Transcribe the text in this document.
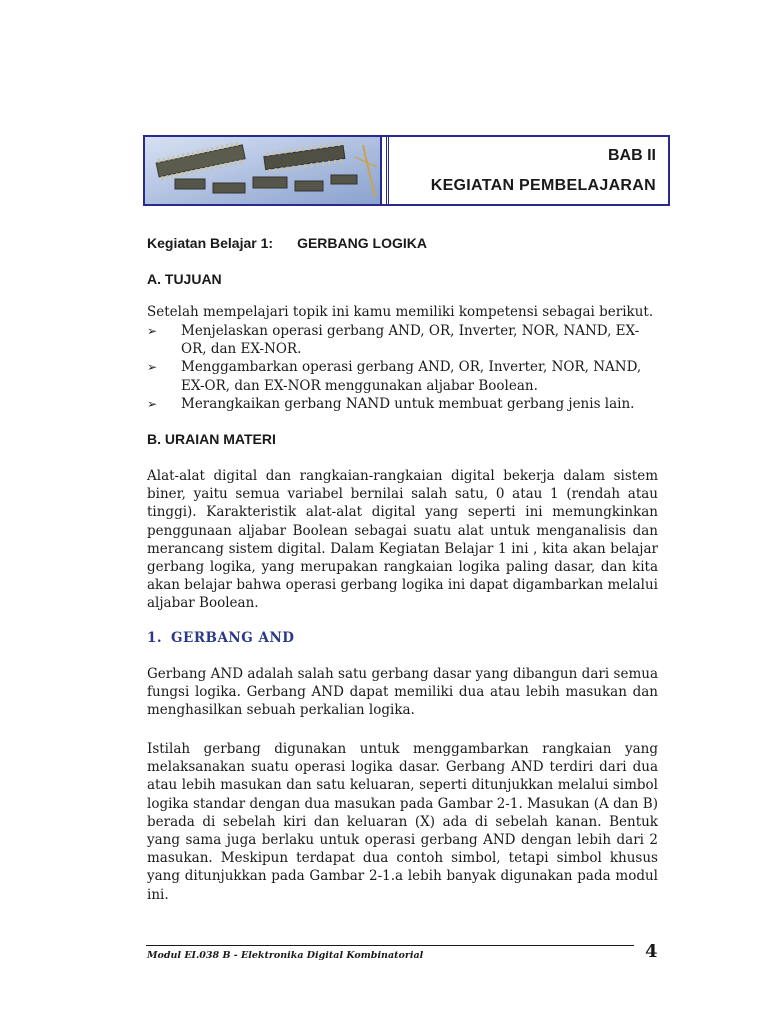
BAB II
KEGIATAN PEMBELAJARAN
Kegiatan Belajar 1: GERBANG LOGIKA
A. TUJUAN

Setelah mempelajari topik ini kamu memiliki kompetensi sebagai berikut.

➢ Menjelaskan operasi gerbang AND, OR, Inverter, NOR, NAND, EX-OR, dan EX-NOR.
➢ Menggambarkan operasi gerbang AND, OR, Inverter, NOR, NAND, EX-OR, dan EX-NOR menggunakan aljabar Boolean.
➢ Merangkaikan gerbang NAND untuk membuat gerbang jenis lain.
B. URAIAN MATERI

Alat-alat digital dan rangkaian-rangkaian digital bekerja dalam sistem biner, yaitu semua variabel bernilai salah satu, 0 atau 1 (rendah atau tinggi). Karakteristik alat-alat digital yang seperti ini memungkinkan penggunaan aljabar Boolean sebagai suatu alat untuk menganalisis dan merancang sistem digital. Dalam Kegiatan Belajar 1 ini , kita akan belajar gerbang logika, yang merupakan rangkaian logika paling dasar, dan kita akan belajar bahwa operasi gerbang logika ini dapat digambarkan melalui aljabar Boolean.

1. GERBANG AND

Gerbang AND adalah salah satu gerbang dasar yang dibangun dari semua fungsi logika. Gerbang AND dapat memiliki dua atau lebih masukan dan menghasilkan sebuah perkalian logika.

Istilah gerbang digunakan untuk menggambarkan rangkaian yang melaksanakan suatu operasi logika dasar. Gerbang AND terdiri dari dua atau lebih masukan dan satu keluaran, seperti ditunjukkan melalui simbol logika standar dengan dua masukan pada Gambar 2-1. Masukan (A dan B) berada di sebelah kiri dan keluaran (X) ada di sebelah kanan. Bentuk yang sama juga berlaku untuk operasi gerbang AND dengan lebih dari 2 masukan. Meskipun terdapat dua contoh simbol, tetapi simbol khusus yang ditunjukkan pada Gambar 2-1.a lebih banyak digunakan pada modul ini.

Modul EI.038 B - Elektronika Digital Kombinatorial	4
